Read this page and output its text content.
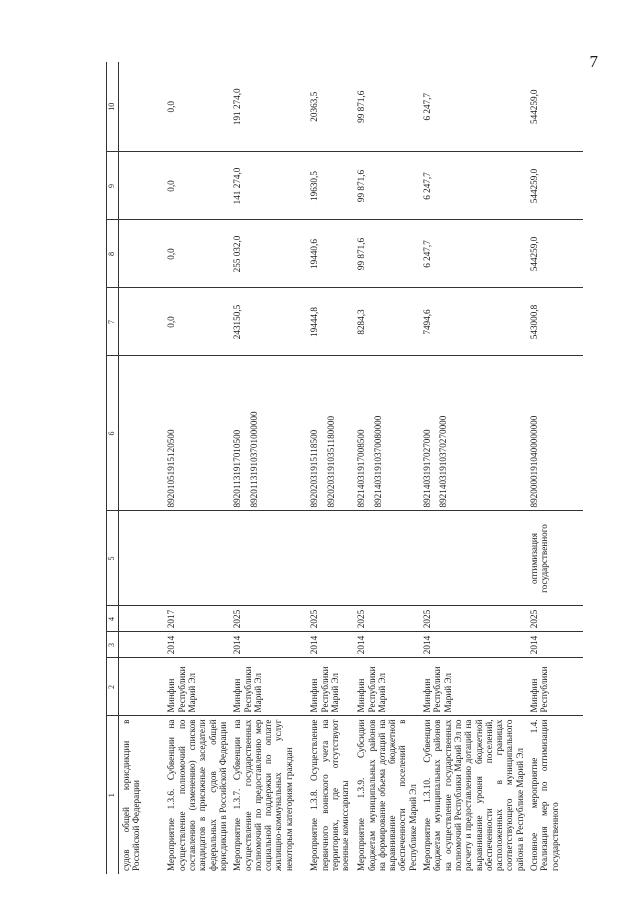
7
1	2	3	4	5	6	7	8	9	10
судов общей юрисдикции в Российской Федерации									
Мероприятие 1.3.6. Субвенции на осуществление полномочий по составлению (изменению) списков кандидатов в присяжные заседатели федеральных судов общей юрисдикции в Российской Федерации	Минфин Республики Марий Эл	2014	2017		89201051915120500	0,0	0,0	0,0	0,0
Мероприятие 1.3.7. Субвенции на осуществление государственных полномочий по предоставлению мер социальной поддержки по оплате жилищно-коммунальных услуг некоторым категориям граждан	Минфин Республики Марий Эл	2014	2025		89201131917010500 892011319103701000000	243150,5	255 032,0	141 274,0	191 274,0
Мероприятие 1.3.8. Осуществление первичного воинского учета на территориях, где отсутствуют военные комиссариаты	Минфин Республики Марий Эл	2014	2025		89202031915118500 89202031910351180000	19444,8	19440,6	19630,5	20363,5
Мероприятие 1.3.9. Субсидии бюджетам муниципальных районов на формирование объема дотаций на выравнивание бюджетной обеспеченности поселений в Республике Марий Эл	Минфин Республики Марий Эл	2014	2025		89214031917008500 89214031910370080000	8284,3	99 871,6	99 871,6	99 871,6
Мероприятие 1.3.10. Субвенции бюджетам муниципальных районов на осуществление государственных полномочий Республики Марий Эл по расчету и предоставлению дотаций на выравнивание уровня бюджетной обеспеченности поселений, расположенных в границах соответствующего муниципального района в Республике Марий Эл	Минфин Республики Марий Эл	2014	2025		89214031917027000 89214031910370270000	7494,6	6 247,7	6 247,7	6 247,7
Основное мероприятие 1.4. Реализация мер по оптимизации государственного	Минфин Республики	2014	2025	оптимизация государственного	89200001910400000000	543000,8	544259,0	544259,0	544259,0
